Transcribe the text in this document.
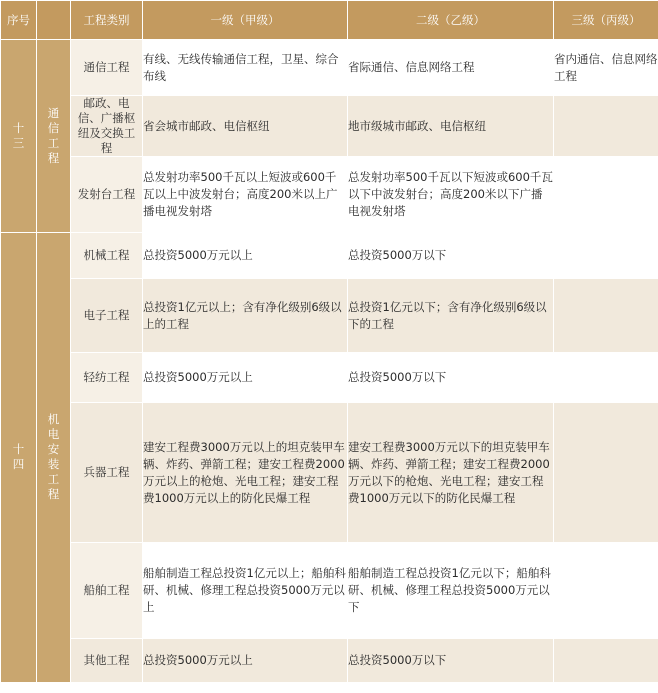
序号		工程类别	一级（甲级）	二级（乙级）	三级（丙级）
十三	通信工程	通信工程	有线、无线传输通信工程，卫星、综合布线	省际通信、信息网络工程	省内通信、信息网络工程

		邮政、电信、广播枢纽及交换工程	省会城市邮政、电信枢纽	地市级城市邮政、电信枢纽	

		发射台工程	总发射功率500千瓦以上短波或600千瓦以上中波发射台；高度200米以上广播电视发射塔	总发射功率500千瓦以下短波或600千瓦以下中波发射台；高度200米以下广播电视发射塔	
十四	机电安装工程	机械工程	总投资5000万元以上	总投资5000万以下	

		电子工程	总投资1亿元以上；含有净化级别6级以上的工程	总投资1亿元以下；含有净化级别6级以下的工程	

		轻纺工程	总投资5000万元以上	总投资5000万以下	

		兵器工程	建安工程费3000万元以上的坦克装甲车辆、炸药、弹箭工程；建安工程费2000万元以上的枪炮、光电工程；建安工程费1000万元以上的防化民爆工程	建安工程费3000万元以下的坦克装甲车辆、炸药、弹箭工程；建安工程费2000万元以下的枪炮、光电工程；建安工程费1000万元以下的防化民爆工程	

		船舶工程	船舶制造工程总投资1亿元以上；船舶科研、机械、修理工程总投资5000万元以上	船舶制造工程总投资1亿元以下；船舶科研、机械、修理工程总投资5000万元以下	

		其他工程	总投资5000万元以上	总投资5000万以下	
